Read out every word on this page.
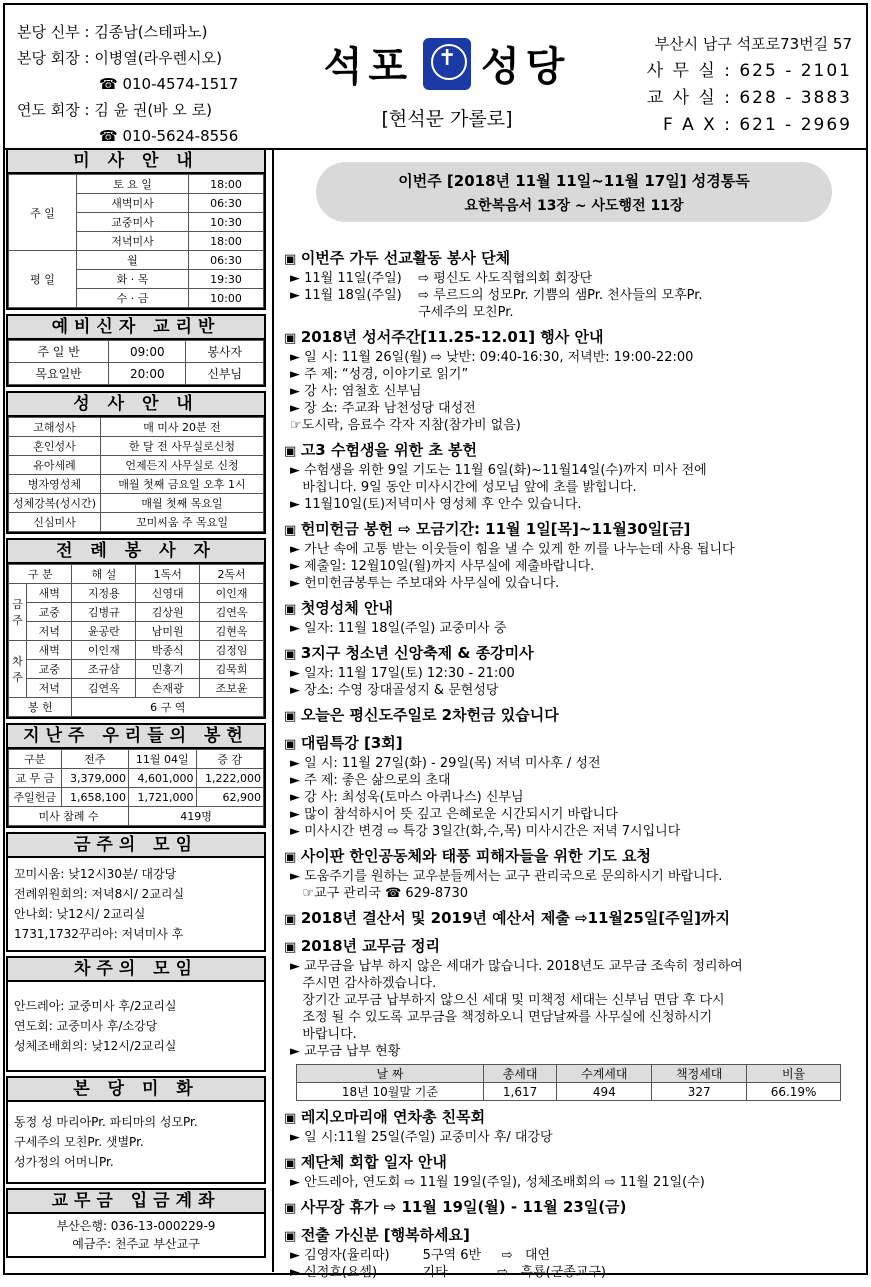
본당 신부 : 김종남(스테파노)
본당 회장 : 이병열(라우렌시오)
☎ 010-4574-1517
연도 회장 : 김 윤 권(바 오 로)
☎ 010-5624-8556
석포 ✝ 성당
[현석문 가롤로]
부산시 남구 석포로73번길 57
사 무 실 : 625 - 2101
교 사 실 : 628 - 3883
F A X : 621 - 2969
미 사 안 내
주 일	토 요 일	18:00
	새벽미사	06:30
	교중미사	10:30
	저녁미사	18:00
평 일	월	06:30
	화 · 목	19:30
	수 · 금	10:00
예비신자 교리반
주 일 반	09:00	봉사자
목요일반	20:00	신부님
성 사 안 내
고해성사	매 미사 20분 전
혼인성사	한 달 전 사무실로신청
유아세례	언제든지 사무실로 신청
병자영성체	매월 첫째 금요일 오후 1시
성체강복(성시간)	매월 첫째 목요일
신심미사	꼬미씨움 주 목요일
전 례 봉 사 자
구 분		해 설	1독서	2독서
금주	새벽	지정용	신영대	이인재
	교중	김병규	김상원	김연옥
	저녁	윤공란	남미원	김현옥
차주	새벽	이인재	박종식	김정임
	교중	조규삼	민홍기	김묵희
	저녁	김연옥	손재광	조보윤
봉 헌		6 구 역		
지난주 우리들의 봉헌
구분	전주	11월 04일	증 감
교 무 금	3,379,000	4,601,000	1,222,000
주일헌금	1,658,100	1,721,000	62,900
미사 참례 수		419명	
금주의 모임
꼬미시움: 낮12시30분/ 대강당
전례위원회의: 저녁8시/ 2교리실
안나회: 낮12시/ 2교리실
1731,1732꾸리아: 저녁미사 후
차주의 모임
안드레아: 교중미사 후/2교리실
연도회: 교중미사 후/소강당
성체조배회의: 낮12시/2교리실
본 당 미 화
동정 성 마리아Pr. 파티마의 성모Pr.
구세주의 모친Pr. 샛별Pr.
성가정의 어머니Pr.
교무금 입금계좌
부산은행: 036-13-000229-9
예금주: 천주교 부산교구
이번주 [2018년 11월 11일~11월 17일] 성경통독
요한복음서 13장 ~ 사도행전 11장
▣ 이번주 가두 선교활동 봉사 단체
► 11월 11일(주일)    ⇨ 평신도 사도직협의회 회장단
► 11월 18일(주일)    ⇨ 루르드의 성모Pr. 기쁨의 샘Pr. 천사들의 모후Pr.
구세주의 모친Pr.
▣ 2018년 성서주간[11.25-12.01] 행사 안내
► 일 시: 11월 26일(월) ⇨ 낮반: 09:40-16:30, 저녁반: 19:00-22:00
► 주 제: “성경, 이야기로 읽기”
► 강 사: 염철호 신부님
► 장 소: 주교좌 남천성당 대성전
☞도시락, 음료수 각자 지참(참가비 없음)
▣ 고3 수험생을 위한 초 봉헌
► 수험생을 위한 9일 기도는 11월 6일(화)~11월14일(수)까지 미사 전에
바칩니다. 9일 동안 미사시간에 성모님 앞에 초를 밝힙니다.
► 11월10일(토)저녁미사 영성체 후 안수 있습니다.
▣ 헌미헌금 봉헌 ⇨ 모금기간: 11월 1일[목]~11월30일[금]
► 가난 속에 고통 받는 이웃들이 힘을 낼 수 있게 한 끼를 나누는데 사용 됩니다
► 제출일: 12월10일(월)까지 사무실에 제출바랍니다.
► 헌미헌금봉투는 주보대와 사무실에 있습니다.
▣ 첫영성체 안내
► 일자: 11월 18일(주일) 교중미사 중
▣ 3지구 청소년 신앙축제 & 종강미사
► 일자: 11월 17일(토) 12:30 - 21:00
► 장소: 수영 장대골성지 & 문현성당
▣ 오늘은 평신도주일로 2차헌금 있습니다
▣ 대림특강 [3회]
► 일 시: 11월 27일(화) - 29일(목) 저녁 미사후 / 성전
► 주 제: 좋은 삶으로의 초대
► 강 사: 최성욱(토마스 아퀴나스) 신부님
► 많이 참석하시어 뜻 깊고 은혜로운 시간되시기 바랍니다
► 미사시간 변경 ⇨ 특강 3일간(화,수,목) 미사시간은 저녁 7시입니다
▣ 사이판 한인공동체와 태풍 피해자들을 위한 기도 요청
► 도움주기를 원하는 교우분들께서는 교구 관리국으로 문의하시기 바랍니다.
☞교구 관리국 ☎ 629-8730
▣ 2018년 결산서 및 2019년 예산서 제출 ⇨11월25일[주일]까지
▣ 2018년 교무금 정리
► 교무금을 납부 하지 않은 세대가 많습니다. 2018년도 교무금 조속히 정리하여
주시면 감사하겠습니다.
장기간 교무금 납부하지 않으신 세대 및 미책정 세대는 신부님 면담 후 다시
조정 될 수 있도록 교무금을 책정하오니 면담날짜를 사무실에 신청하시기
바랍니다.
► 교무금 납부 현황
날 짜	총세대	수계세대	책정세대	비율
18년 10월말 기준	1,617	494	327	66.19%
▣ 레지오마리애 연차총 친목회
► 일 시:11월 25일(주일) 교중미사 후/ 대강당
▣ 제단체 회합 일자 안내
► 안드레아, 연도회 ⇨ 11월 19일(주일), 성체조배회의 ⇨ 11월 21일(수)
▣ 사무장 휴가 ⇨ 11월 19일(월) - 11월 23일(금)
▣ 전출 가신분 [행복하세요]
► 김영자(율리따)        5구역 6반     ⇨   대연
► 신정호(요셉)           기타            ⇨   흑룡(군종교구)
